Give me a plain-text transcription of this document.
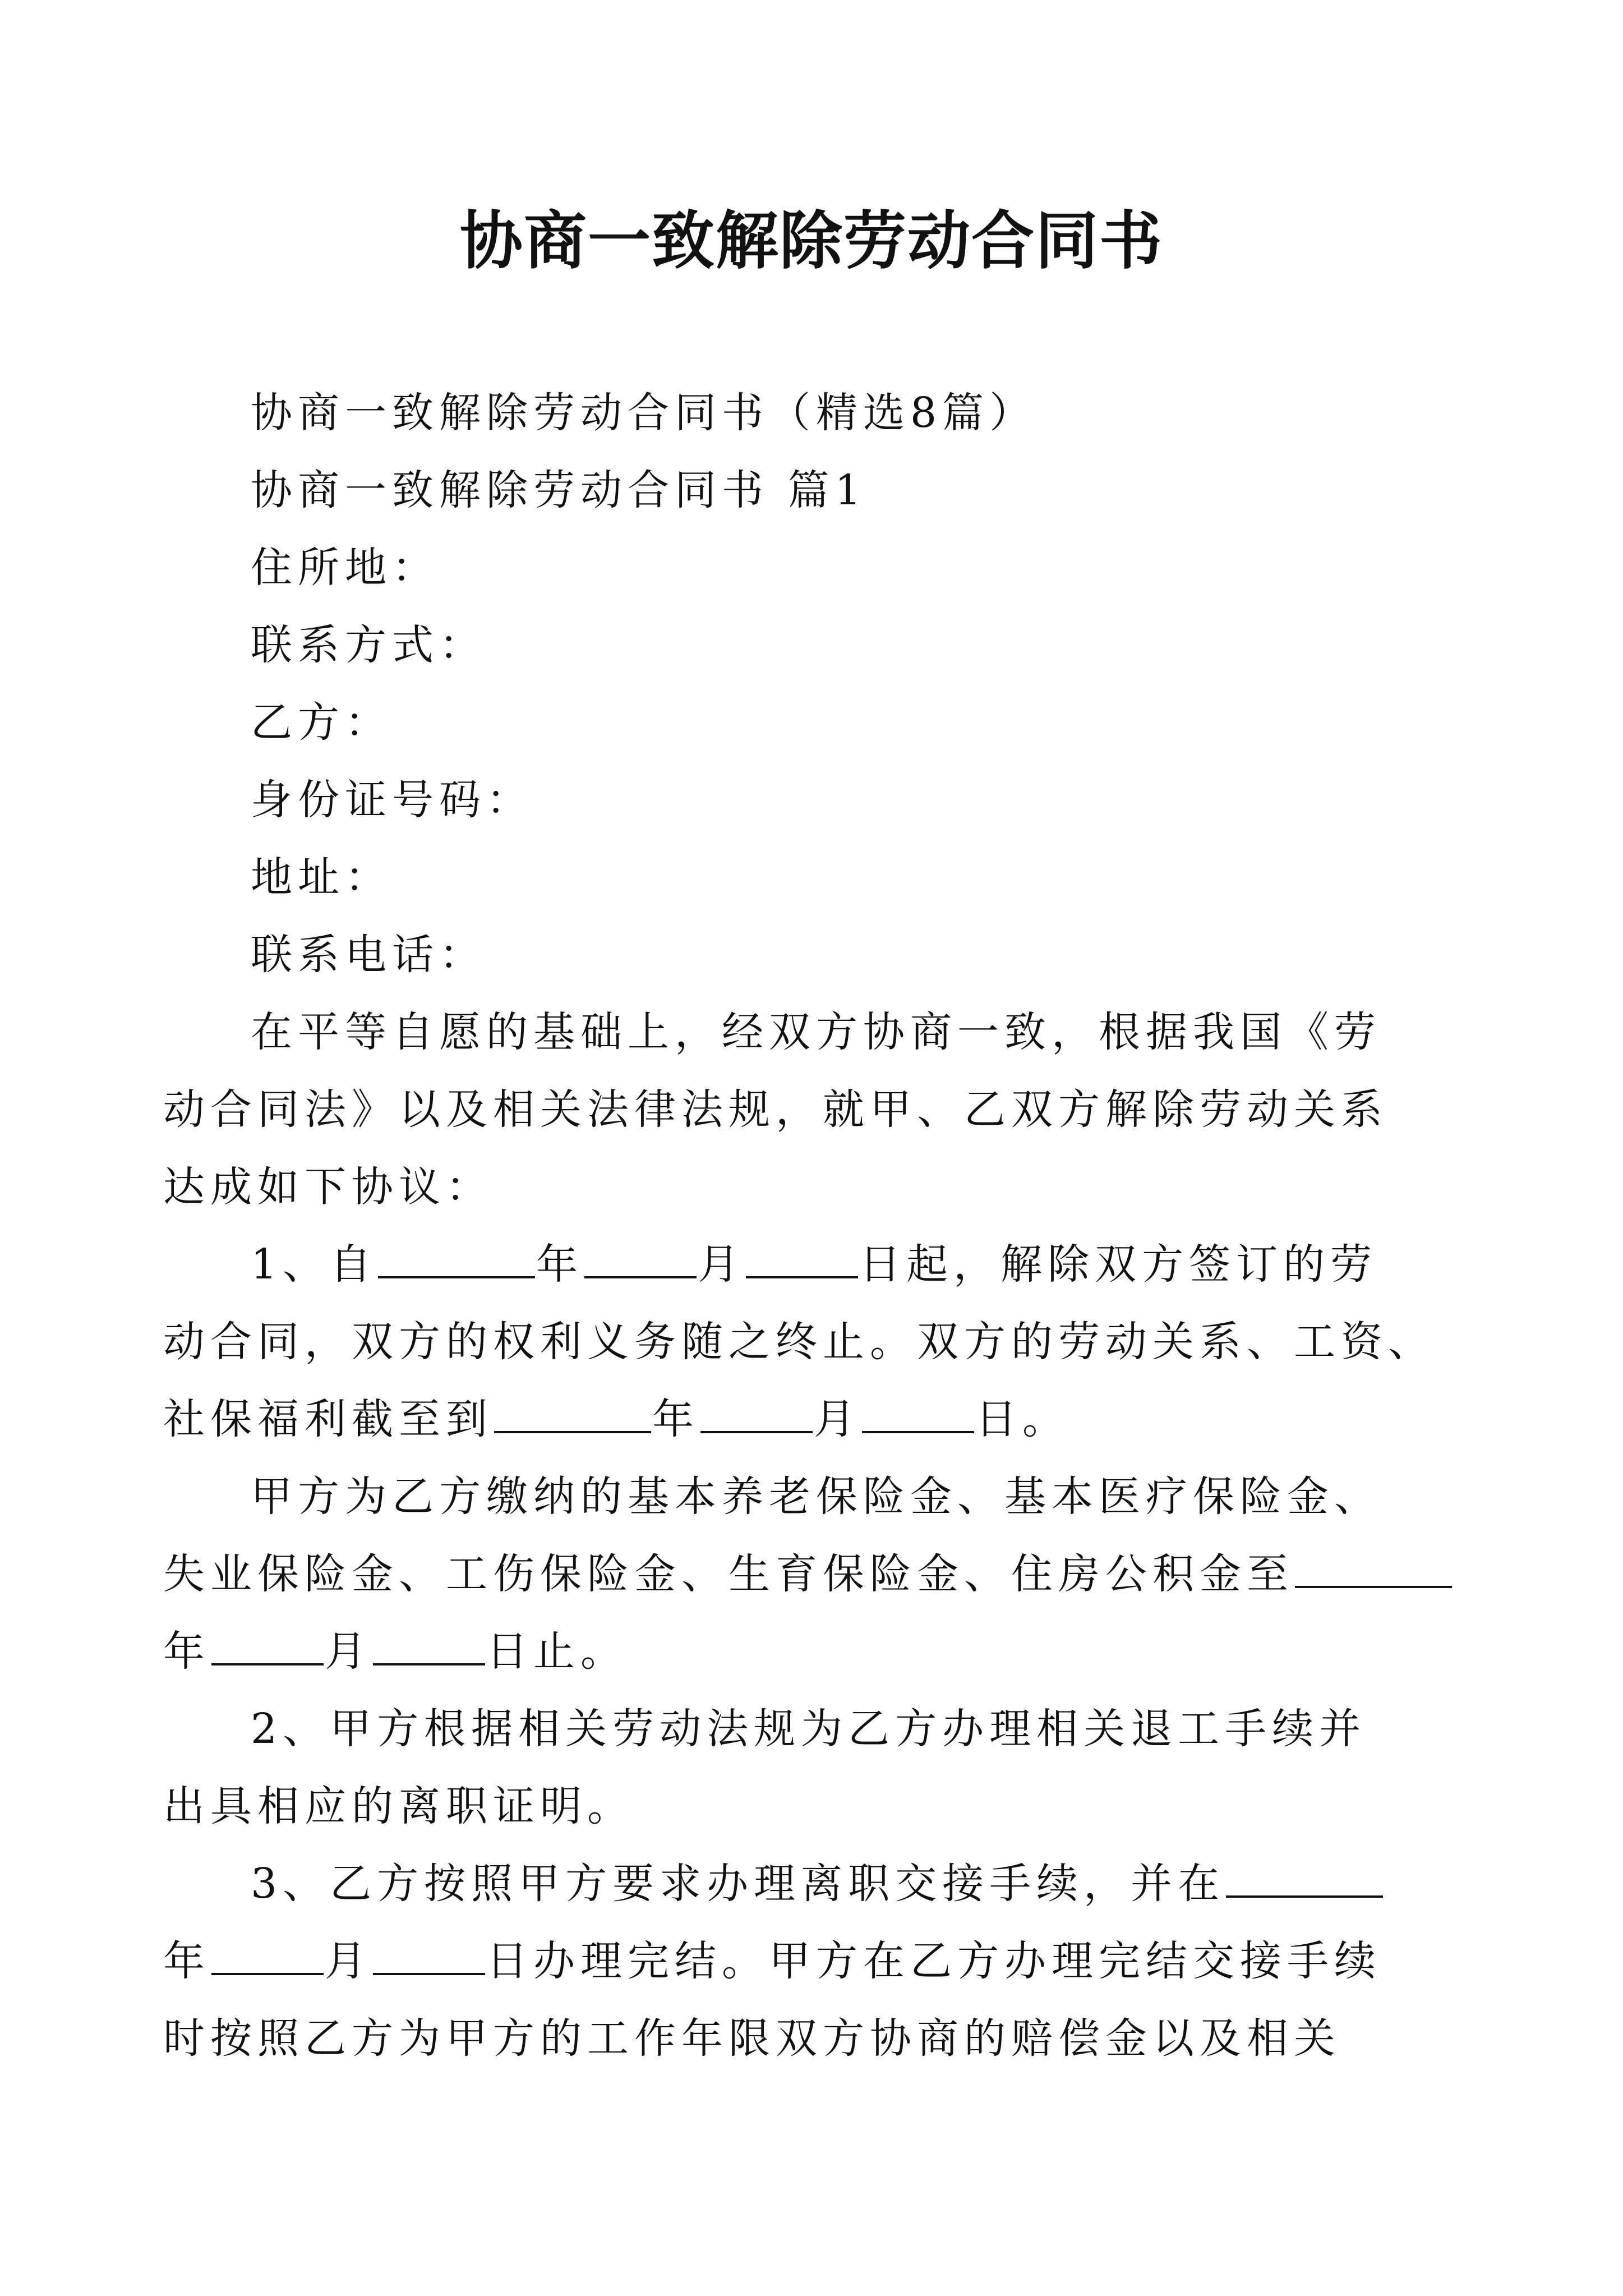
协商一致解除劳动合同书
协商一致解除劳动合同书（精选8篇）
协商一致解除劳动合同书 篇1
住所地：
联系方式：
乙方：
身份证号码：
地址：
联系电话：
在平等自愿的基础上，经双方协商一致，根据我国《劳
动合同法》以及相关法律法规，就甲、乙双方解除劳动关系
达成如下协议：
1、自	年	月	日起，解除双方签订的劳
动合同，双方的权利义务随之终止。双方的劳动关系、工资、
社保福利截至到	年	月	日。
甲方为乙方缴纳的基本养老保险金、基本医疗保险金、
失业保险金、工伤保险金、生育保险金、住房公积金至
年	月	日止。
2、甲方根据相关劳动法规为乙方办理相关退工手续并
出具相应的离职证明。
3、乙方按照甲方要求办理离职交接手续，并在
年	月	日办理完结。甲方在乙方办理完结交接手续
时按照乙方为甲方的工作年限双方协商的赔偿金以及相关
